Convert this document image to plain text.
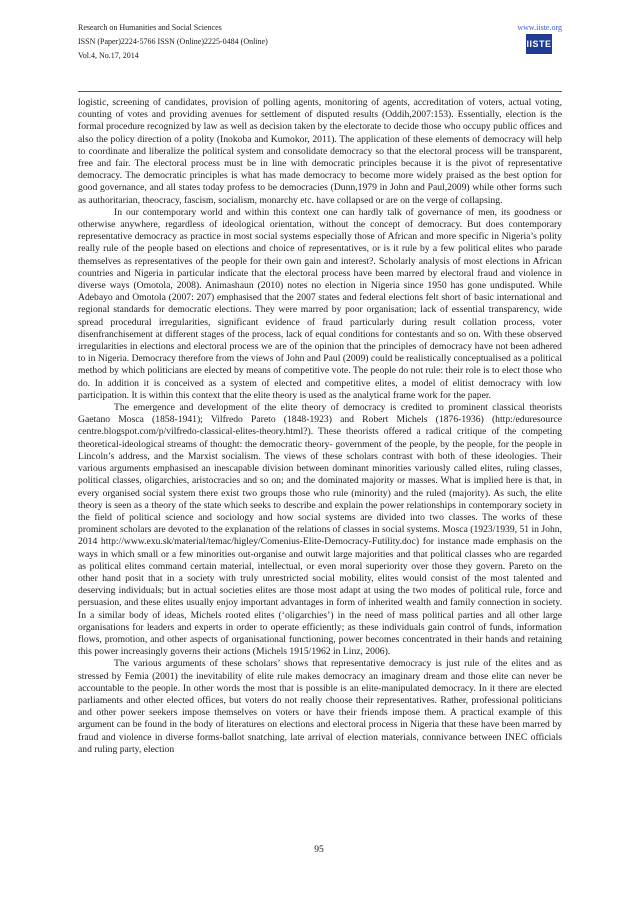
Research on Humanities and Social Sciences
ISSN (Paper)2224-5766 ISSN (Online)2225-0484 (Online)
Vol.4, No.17, 2014
www.iiste.org
IISTE

logistic, screening of candidates, provision of polling agents, monitoring of agents, accreditation of voters, actual voting, counting of votes and providing avenues for settlement of disputed results (Oddih,2007:153). Essentially, election is the formal procedure recognized by law as well as decision taken by the electorate to decide those who occupy public offices and also the policy direction of a polity (Inokoba and Kumokor, 2011). The application of these elements of democracy will help to coordinate and liberalize the political system and consolidate democracy so that the electoral process will be transparent, free and fair. The electoral process must be in line with democratic principles because it is the pivot of representative democracy. The democratic principles is what has made democracy to become more widely praised as the best option for good governance, and all states today profess to be democracies (Dunn,1979 in John and Paul,2009) while other forms such as authoritarian, theocracy, fascism, socialism, monarchy etc. have collapsed or are on the verge of collapsing.

In our contemporary world and within this context one can hardly talk of governance of men, its goodness or otherwise anywhere, regardless of ideological orientation, without the concept of democracy. But does contemporary representative democracy as practice in most social systems especially those of African and more specific in Nigeria’s polity really rule of the people based on elections and choice of representatives, or is it rule by a few political elites who parade themselves as representatives of the people for their own gain and interest?. Scholarly analysis of most elections in African countries and Nigeria in particular indicate that the electoral process have been marred by electoral fraud and violence in diverse ways (Omotola, 2008). Animashaun (2010) notes no election in Nigeria since 1950 has gone undisputed. While Adebayo and Omotola (2007: 207) emphasised that the 2007 states and federal elections felt short of basic international and regional standards for democratic elections. They were marred by poor organisation; lack of essential transparency, wide spread procedural irregularities, significant evidence of fraud particularly during result collation process, voter disenfranchisement at different stages of the process, lack of equal conditions for contestants and so on. With these observed irregularities in elections and electoral process we are of the opinion that the principles of democracy have not been adhered to in Nigeria. Democracy therefore from the views of John and Paul (2009) could be realistically conceptualised as a political method by which politicians are elected by means of competitive vote. The people do not rule: their role is to elect those who do. In addition it is conceived as a system of elected and competitive elites, a model of elitist democracy with low participation. It is within this context that the elite theory is used as the analytical frame work for the paper.

The emergence and development of the elite theory of democracy is credited to prominent classical theorists Gaetano Mosca (1858-1941); Vilfredo Pareto (1848-1923) and Robert Michels (1876-1936) (http:/eduresource centre.blogspot.com/p/vilfredo-classical-elites-theory.html?). These theorists offered a radical critique of the competing theoretical-ideological streams of thought: the democratic theory- government of the people, by the people, for the people in Lincoln’s address, and the Marxist socialism. The views of these scholars contrast with both of these ideologies. Their various arguments emphasised an inescapable division between dominant minorities variously called elites, ruling classes, political classes, oligarchies, aristocracies and so on; and the dominated majority or masses. What is implied here is that, in every organised social system there exist two groups those who rule (minority) and the ruled (majority). As such, the elite theory is seen as a theory of the state which seeks to describe and explain the power relationships in contemporary society in the field of political science and sociology and how social systems are divided into two classes. The works of these prominent scholars are devoted to the explanation of the relations of classes in social systems. Mosca (1923/1939, 51 in John, 2014 http://www.exu.sk/material/temac/higley/Comenius-Elite-Democracy-Futility.doc) for instance made emphasis on the ways in which small or a few minorities out-organise and outwit large majorities and that political classes who are regarded as political elites command certain material, intellectual, or even moral superiority over those they govern. Pareto on the other hand posit that in a society with truly unrestricted social mobility, elites would consist of the most talented and deserving individuals; but in actual societies elites are those most adapt at using the two modes of political rule, force and persuasion, and these elites usually enjoy important advantages in form of inherited wealth and family connection in society. In a similar body of ideas, Michels rooted elites (‘oligarchies’) in the need of mass political parties and all other large organisations for leaders and experts in order to operate efficiently; as these individuals gain control of funds, information flows, promotion, and other aspects of organisational functioning, power becomes concentrated in their hands and retaining this power increasingly governs their actions (Michels 1915/1962 in Linz, 2006).

The various arguments of these scholars’ shows that representative democracy is just rule of the elites and as stressed by Femia (2001) the inevitability of elite rule makes democracy an imaginary dream and those elite can never be accountable to the people. In other words the most that is possible is an elite-manipulated democracy. In it there are elected parliaments and other elected offices, but voters do not really choose their representatives. Rather, professional politicians and other power seekers impose themselves on voters or have their friends impose them. A practical example of this argument can be found in the body of literatures on elections and electoral process in Nigeria that these have been marred by fraud and violence in diverse forms-ballot snatching, late arrival of election materials, connivance between INEC officials and ruling party, election

95
